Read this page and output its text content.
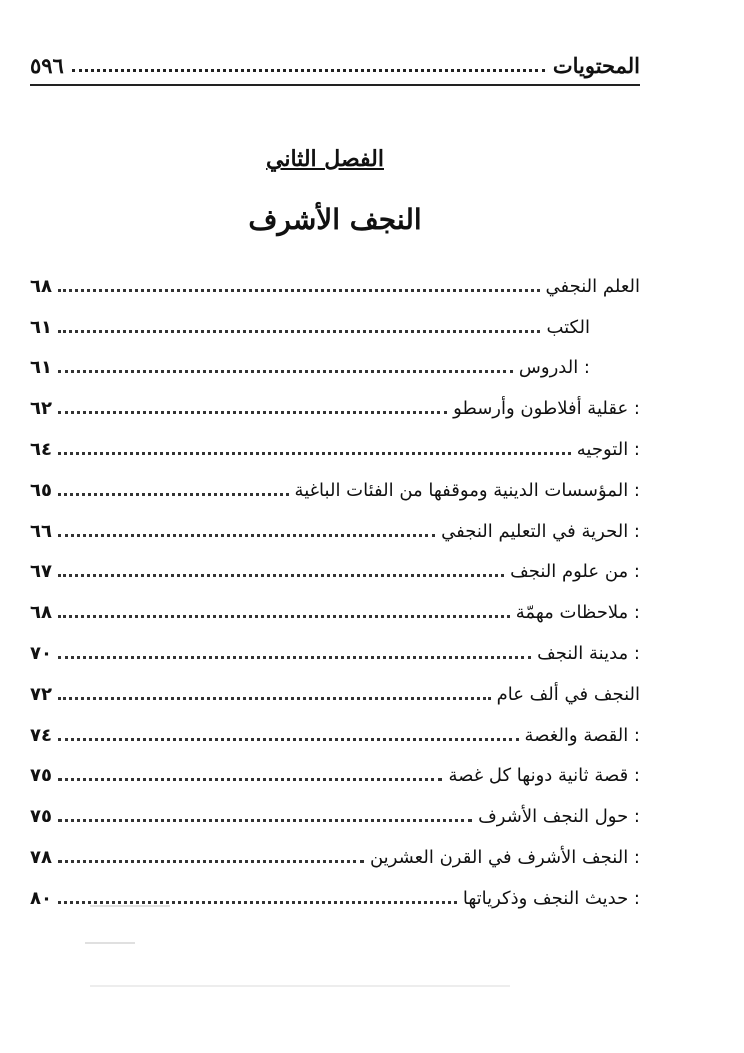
المحتويات
٥٩٦
الفصل الثاني
النجف الأشرف
العلم النجفي
٦٨
الكتب
٦١
الدروس :
٦١
عقلية أفلاطون وأرسطو :
٦٢
التوجيه :
٦٤
المؤسسات الدينية وموقفها من الفئات الباغية :
٦٥
الحرية في التعليم النجفي :
٦٦
من علوم النجف :
٦٧
ملاحظات مهمّة :
٦٨
مدينة النجف :
٧٠
النجف في ألف عام
٧٢
القصة والغصة :
٧٤
قصة ثانية دونها كل غصة :
٧٥
حول النجف الأشرف :
٧٥
النجف الأشرف في القرن العشرين :
٧٨
حديث النجف وذكرياتها :
٨٠
